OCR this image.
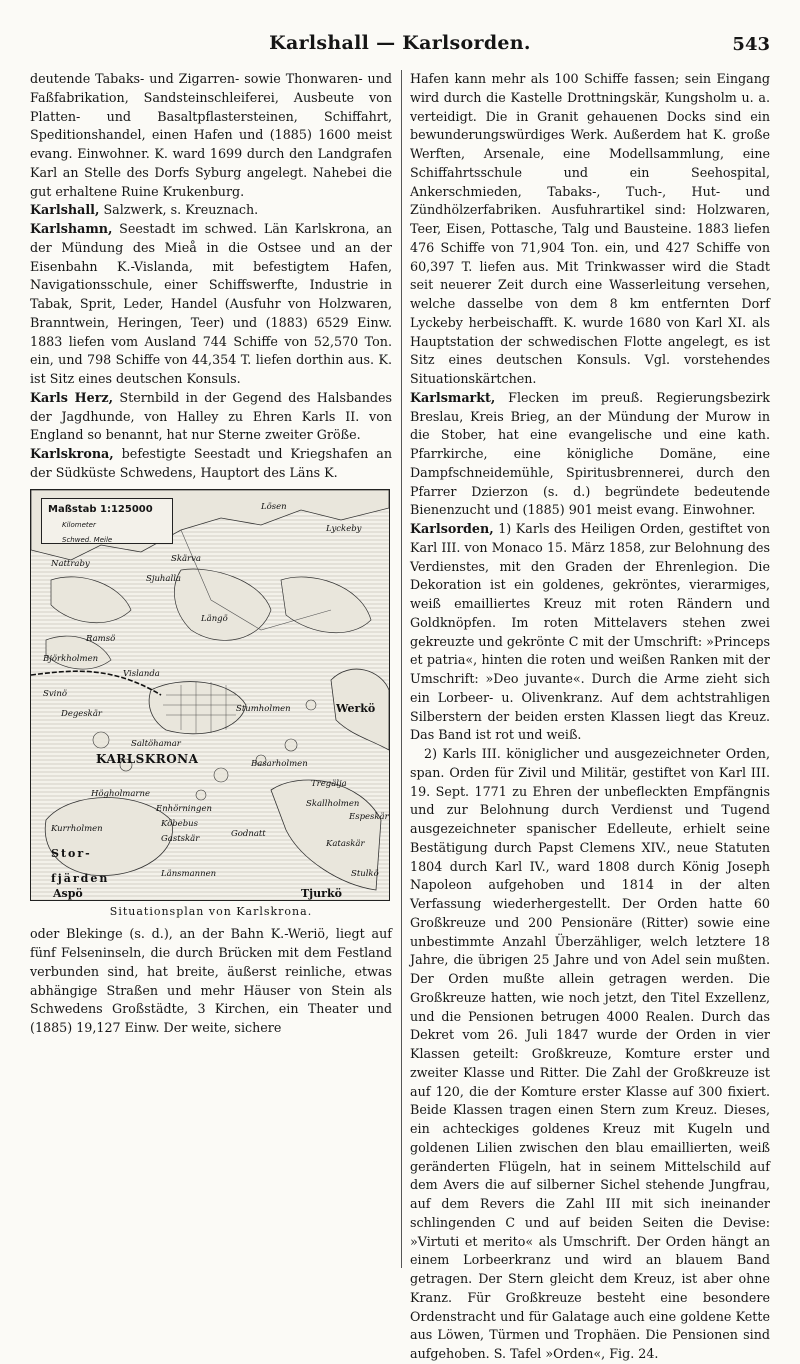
Karlshall — Karlsorden.	543

deutende Tabaks- und Zigarren- sowie Thonwaren- und Faßfabrikation, Sandsteinschleiferei, Ausbeute von Platten- und Basaltpflastersteinen, Schiffahrt, Speditionshandel, einen Hafen und (1885) 1600 meist evang. Einwohner. K. ward 1699 durch den Landgrafen Karl an Stelle des Dorfs Syburg angelegt. Nahebei die gut erhaltene Ruine Krukenburg.

Karlshall, Salzwerk, s. Kreuznach.

Karlshamn, Seestadt im schwed. Län Karlskrona, an der Mündung des Mieå in die Ostsee und an der Eisenbahn K.-Vislanda, mit befestigtem Hafen, Navigationsschule, einer Schiffswerfte, Industrie in Tabak, Sprit, Leder, Handel (Ausfuhr von Holzwaren, Branntwein, Heringen, Teer) und (1883) 6529 Einw. 1883 liefen vom Ausland 744 Schiffe von 52,570 Ton. ein, und 798 Schiffe von 44,354 T. liefen dorthin aus. K. ist Sitz eines deutschen Konsuls.

Karls Herz, Sternbild in der Gegend des Halsbandes der Jagdhunde, von Halley zu Ehren Karls II. von England so benannt, hat nur Sterne zweiter Größe.

Karlskrona, befestigte Seestadt und Kriegshafen an der Südküste Schwedens, Hauptort des Läns K.

Maßstab 1:125000
Kilometer
Schwed. Meile
Lösen
Lyckeby
Nattraby
Sjuhalla
Skärva
Längö
Ramsö
Björkholmen
Svinö
Degeskär
Vislanda
Saltöhamar
KARLSKRONA
Werkö
Stumholmen
Basarholmen
Tregälja
Skallholmen
Högholmarne
Kurrholmen
Enhörningen
Köbebus
Gastskär	Godnatt
Espeskär
Kataskär
Stor-
fjärden	Länsmannen
Aspö	Tjurkö
Stulkö
Situationsplan von Karlskrona.

oder Blekinge (s. d.), an der Bahn K.-Weriö, liegt auf fünf Felseninseln, die durch Brücken mit dem Festland verbunden sind, hat breite, äußerst reinliche, etwas abhängige Straßen und mehr Häuser von Stein als Schwedens Großstädte, 3 Kirchen, ein Theater und (1885) 19,127 Einw. Der weite, sichere

Hafen kann mehr als 100 Schiffe fassen; sein Eingang wird durch die Kastelle Drottningskär, Kungsholm u. a. verteidigt. Die in Granit gehauenen Docks sind ein bewunderungswürdiges Werk. Außerdem hat K. große Werften, Arsenale, eine Modellsammlung, eine Schiffahrtsschule und ein Seehospital, Ankerschmieden, Tabaks-, Tuch-, Hut- und Zündhölzerfabriken. Ausfuhrartikel sind: Holzwaren, Teer, Eisen, Pottasche, Talg und Bausteine. 1883 liefen 476 Schiffe von 71,904 Ton. ein, und 427 Schiffe von 60,397 T. liefen aus. Mit Trinkwasser wird die Stadt seit neuerer Zeit durch eine Wasserleitung versehen, welche dasselbe von dem 8 km entfernten Dorf Lyckeby herbeischafft. K. wurde 1680 von Karl XI. als Hauptstation der schwedischen Flotte angelegt, es ist Sitz eines deutschen Konsuls. Vgl. vorstehendes Situationskärtchen.

Karlsmarkt, Flecken im preuß. Regierungsbezirk Breslau, Kreis Brieg, an der Mündung der Murow in die Stober, hat eine evangelische und eine kath. Pfarrkirche, eine königliche Domäne, eine Dampfschneidemühle, Spiritusbrennerei, durch den Pfarrer Dzierzon (s. d.) begründete bedeutende Bienenzucht und (1885) 901 meist evang. Einwohner.

Karlsorden, 1) Karls des Heiligen Orden, gestiftet von Karl III. von Monaco 15. März 1858, zur Belohnung des Verdienstes, mit den Graden der Ehrenlegion. Die Dekoration ist ein goldenes, gekröntes, vierarmiges, weiß emailliertes Kreuz mit roten Rändern und Goldknöpfen. Im roten Mittelavers stehen zwei gekreuzte und gekrönte C mit der Umschrift: »Princeps et patria«, hinten die roten und weißen Ranken mit der Umschrift: »Deo juvante«. Durch die Arme zieht sich ein Lorbeer- u. Olivenkranz. Auf dem achtstrahligen Silberstern der beiden ersten Klassen liegt das Kreuz. Das Band ist rot und weiß.

2) Karls III. königlicher und ausgezeichneter Orden, span. Orden für Zivil und Militär, gestiftet von Karl III. 19. Sept. 1771 zu Ehren der unbefleckten Empfängnis und zur Belohnung durch Verdienst und Tugend ausgezeichneter spanischer Edelleute, erhielt seine Bestätigung durch Papst Clemens XIV., neue Statuten 1804 durch Karl IV., ward 1808 durch König Joseph Napoleon aufgehoben und 1814 in der alten Verfassung wiederhergestellt. Der Orden hatte 60 Großkreuze und 200 Pensionäre (Ritter) sowie eine unbestimmte Anzahl Überzähliger, welch letztere 18 Jahre, die übrigen 25 Jahre und von Adel sein mußten. Der Orden mußte allein getragen werden. Die Großkreuze hatten, wie noch jetzt, den Titel Exzellenz, und die Pensionen betrugen 4000 Realen. Durch das Dekret vom 26. Juli 1847 wurde der Orden in vier Klassen geteilt: Großkreuze, Komture erster und zweiter Klasse und Ritter. Die Zahl der Großkreuze ist auf 120, die der Komture erster Klasse auf 300 fixiert. Beide Klassen tragen einen Stern zum Kreuz. Dieses, ein achteckiges goldenes Kreuz mit Kugeln und goldenen Lilien zwischen den blau emaillierten, weiß geränderten Flügeln, hat in seinem Mittelschild auf dem Avers die auf silberner Sichel stehende Jungfrau, auf dem Revers die Zahl III mit sich ineinander schlingenden C und auf beiden Seiten die Devise: »Virtuti et merito« als Umschrift. Der Orden hängt an einem Lorbeerkranz und wird an blauem Band getragen. Der Stern gleicht dem Kreuz, ist aber ohne Kranz. Für Großkreuze besteht eine besondere Ordenstracht und für Galatage auch eine goldene Kette aus Löwen, Türmen und Trophäen. Die Pensionen sind aufgehoben. S. Tafel »Orden«, Fig. 24.
